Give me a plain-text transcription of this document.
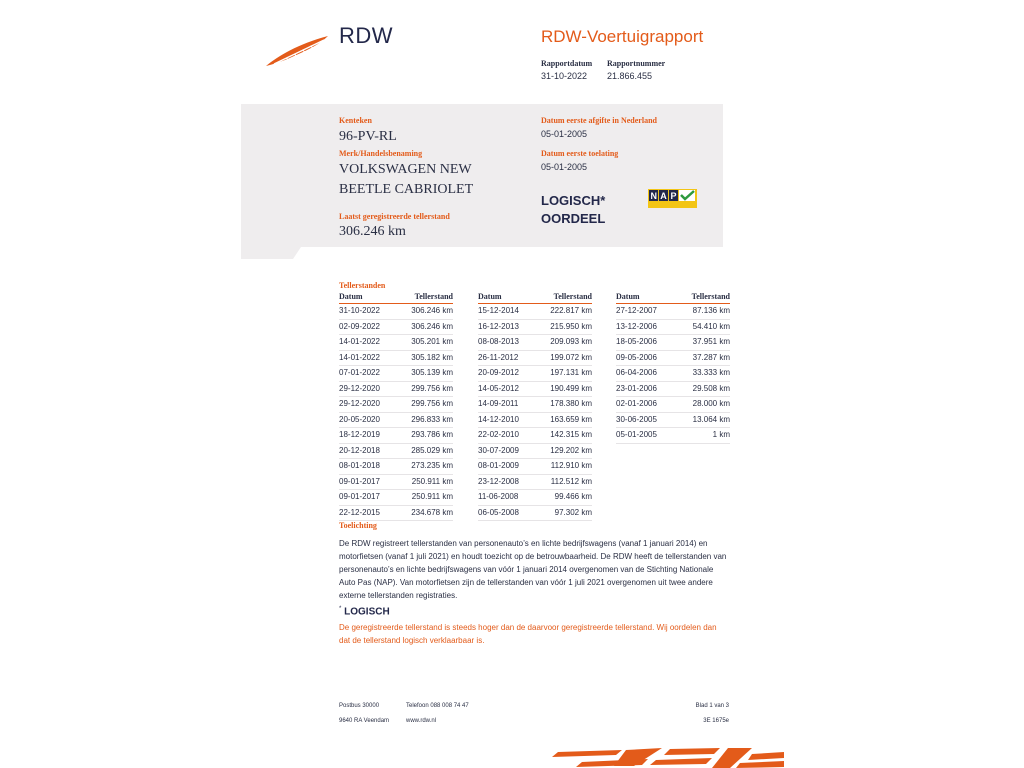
RDW	RDW-Voertuigrapport
Rapportdatum
31-10-2022
Rapportnummer
21.866.455
Kenteken
96-PV-RL
Merk/Handelsbenaming
VOLKSWAGEN NEW
BEETLE CABRIOLET
Laatst geregistreerde tellerstand
306.246 km
Datum eerste afgifte in Nederland
05-01-2005
Datum eerste toelating
05-01-2005
LOGISCH*
OORDEEL
N A P
Tellerstanden
Datum	Tellerstand
31-10-2022	306.246 km
02-09-2022	306.246 km
14-01-2022	305.201 km
14-01-2022	305.182 km
07-01-2022	305.139 km
29-12-2020	299.756 km
29-12-2020	299.756 km
20-05-2020	296.833 km
18-12-2019	293.786 km
20-12-2018	285.029 km
08-01-2018	273.235 km
09-01-2017	250.911 km
09-01-2017	250.911 km
22-12-2015	234.678 km
Datum	Tellerstand
15-12-2014	222.817 km
16-12-2013	215.950 km
08-08-2013	209.093 km
26-11-2012	199.072 km
20-09-2012	197.131 km
14-05-2012	190.499 km
14-09-2011	178.380 km
14-12-2010	163.659 km
22-02-2010	142.315 km
30-07-2009	129.202 km
08-01-2009	112.910 km
23-12-2008	112.512 km
11-06-2008	99.466 km
06-05-2008	97.302 km
Datum	Tellerstand
27-12-2007	87.136 km
13-12-2006	54.410 km
18-05-2006	37.951 km
09-05-2006	37.287 km
06-04-2006	33.333 km
23-01-2006	29.508 km
02-01-2006	28.000 km
30-06-2005	13.064 km
05-01-2005	1 km
Toelichting
De RDW registreert tellerstanden van personenauto’s en lichte bedrijfswagens (vanaf 1 januari 2014) en motorfietsen (vanaf 1 juli 2021) en houdt toezicht op de betrouwbaarheid. De RDW heeft de tellerstanden van personenauto’s en lichte bedrijfswagens van vóór 1 januari 2014 overgenomen van de Stichting Nationale Auto Pas (NAP). Van motorfietsen zijn de tellerstanden van vóór 1 juli 2021 overgenomen uit twee andere externe tellerstanden registraties.
* LOGISCH
De geregistreerde tellerstand is steeds hoger dan de daarvoor geregistreerde tellerstand. Wij oordelen dan dat de tellerstand logisch verklaarbaar is.
Postbus 30000
9640 RA Veendam
Telefoon 088 008 74 47
www.rdw.nl
Blad 1 van 3
3E 1675e
